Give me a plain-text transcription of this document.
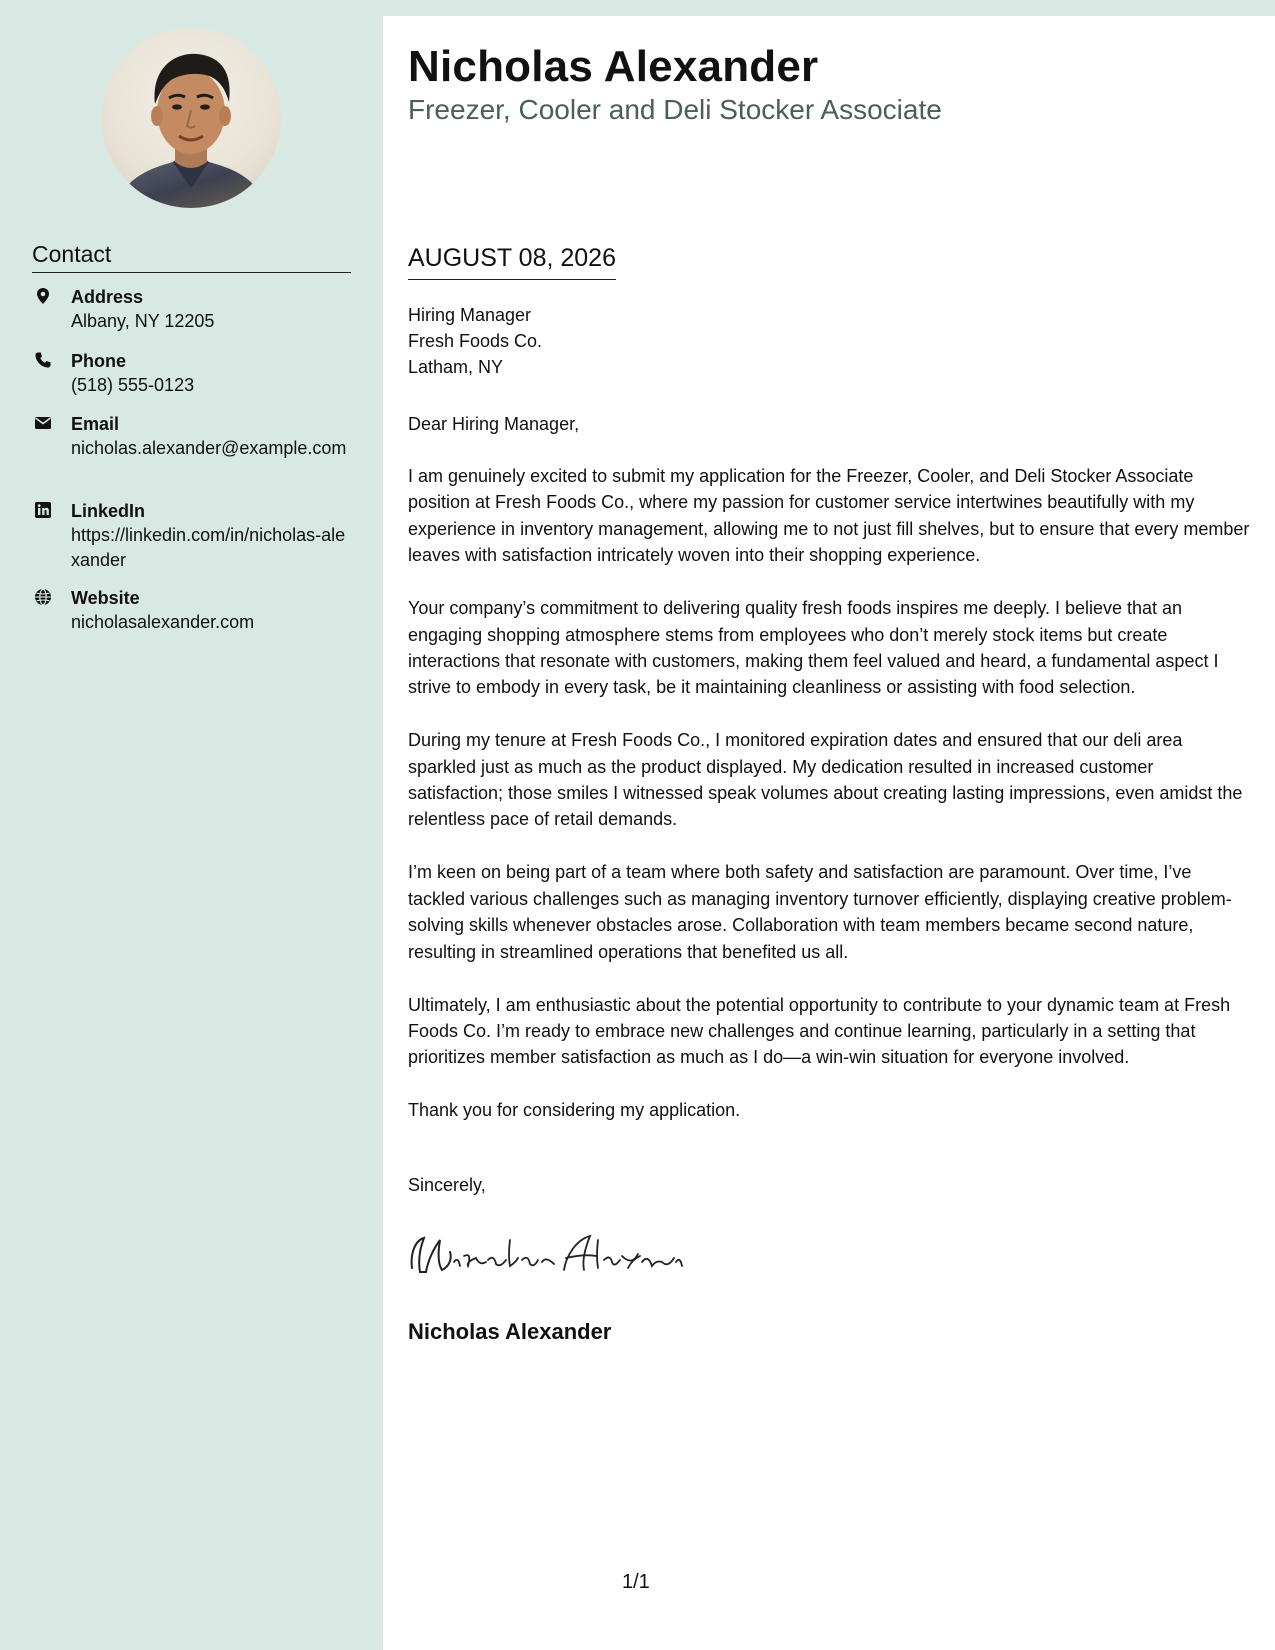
Contact
Address
Albany, NY 12205
Phone
(518) 555-0123
Email
nicholas.alexander@example.com
LinkedIn
https://linkedin.com/in/nicholas-alexander
Website
nicholasalexander.com
Nicholas Alexander
Freezer, Cooler and Deli Stocker Associate
AUGUST 08, 2026
Hiring Manager
Fresh Foods Co.
Latham, NY
Dear Hiring Manager,

I am genuinely excited to submit my application for the Freezer, Cooler, and Deli Stocker Associate position at Fresh Foods Co., where my passion for customer service intertwines beautifully with my experience in inventory management, allowing me to not just fill shelves, but to ensure that every member leaves with satisfaction intricately woven into their shopping experience.

Your company’s commitment to delivering quality fresh foods inspires me deeply. I believe that an engaging shopping atmosphere stems from employees who don’t merely stock items but create interactions that resonate with customers, making them feel valued and heard, a fundamental aspect I strive to embody in every task, be it maintaining cleanliness or assisting with food selection.

During my tenure at Fresh Foods Co., I monitored expiration dates and ensured that our deli area sparkled just as much as the product displayed. My dedication resulted in increased customer satisfaction; those smiles I witnessed speak volumes about creating lasting impressions, even amidst the relentless pace of retail demands.

I’m keen on being part of a team where both safety and satisfaction are paramount. Over time, I’ve tackled various challenges such as managing inventory turnover efficiently, displaying creative problem-solving skills whenever obstacles arose. Collaboration with team members became second nature, resulting in streamlined operations that benefited us all.

Ultimately, I am enthusiastic about the potential opportunity to contribute to your dynamic team at Fresh Foods Co. I’m ready to embrace new challenges and continue learning, particularly in a setting that prioritizes member satisfaction as much as I do—a win-win situation for everyone involved.

Thank you for considering my application.

Sincerely,
Nicholas Alexander
1/1
